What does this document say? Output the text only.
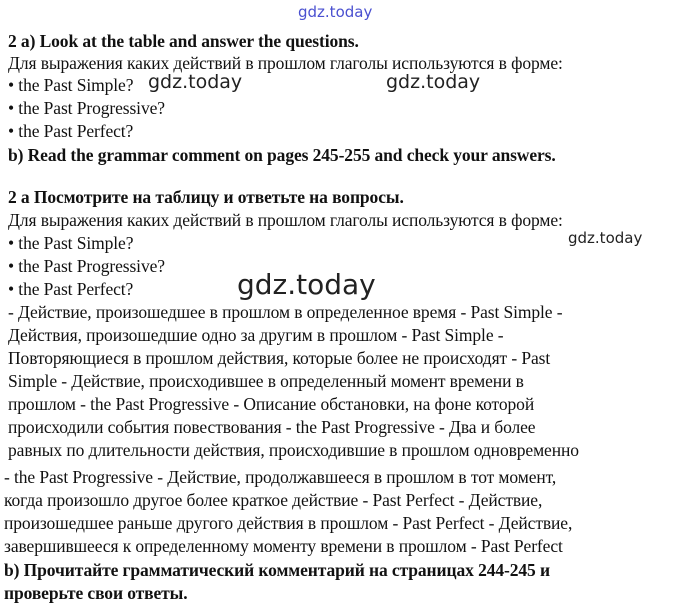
gdz.today
gdz.today	gdz.today
gdz.today
gdz.today
2 a) Look at the table and answer the questions.
Для выражения каких действий в прошлом глаголы используются в форме:
• the Past Simple?
• the Past Progressive?
• the Past Perfect?
b) Read the grammar comment on pages 245-255 and check your answers.
2 а Посмотрите на таблицу и ответьте на вопросы.
Для выражения каких действий в прошлом глаголы используются в форме:
• the Past Simple?
• the Past Progressive?
• the Past Perfect?
- Действие, произошедшее в прошлом в определенное время - Past Simple -
Действия, произошедшие одно за другим в прошлом - Past Simple -
Повторяющиеся в прошлом действия, которые более не происходят - Past
Simple - Действие, происходившее в определенный момент времени в
прошлом - the Past Progressive - Описание обстановки, на фоне которой
происходили события повествования - the Past Progressive - Два и более
равных по длительности действия, происходившие в прошлом одновременно
- the Past Progressive - Действие, продолжавшееся в прошлом в тот момент,
когда произошло другое более краткое действие - Past Perfect - Действие,
произошедшее раньше другого действия в прошлом - Past Perfect - Действие,
завершившееся к определенному моменту времени в прошлом - Past Perfect
b) Прочитайте грамматический комментарий на страницах 244-245 и
проверьте свои ответы.
